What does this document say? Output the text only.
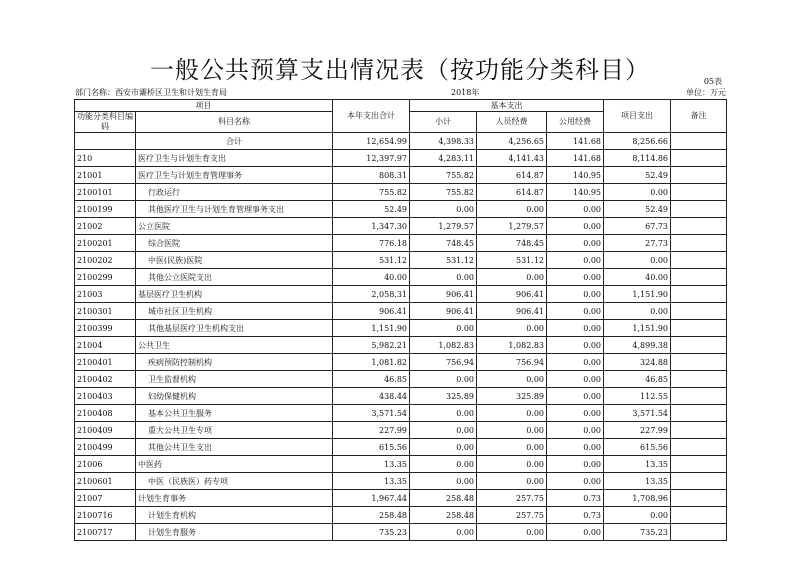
一般公共预算支出情况表（按功能分类科目）	05表
部门名称：西安市灞桥区卫生和计划生育局	2018年	单位：万元
项目		本年支出合计	基本支出			项目支出	备注
功能分类科目编码	科目名称		小计	人员经费	公用经费		

	合计	12,654.99	4,398.33	4,256.65	141.68	8,256.66	
210	医疗卫生与计划生育支出	12,397.97	4,283.11	4,141.43	141.68	8,114.86	
21001	医疗卫生与计划生育管理事务	808.31	755.82	614.87	140.95	52.49	
2100101	行政运行	755.82	755.82	614.87	140.95	0.00	
2100199	其他医疗卫生与计划生育管理事务支出	52.49	0.00	0.00	0.00	52.49	
21002	公立医院	1,347.30	1,279.57	1,279.57	0.00	67.73	
2100201	综合医院	776.18	748.45	748.45	0.00	27.73	
2100202	中医(民族)医院	531.12	531.12	531.12	0.00	0.00	
2100299	其他公立医院支出	40.00	0.00	0.00	0.00	40.00	
21003	基层医疗卫生机构	2,058.31	906.41	906.41	0.00	1,151.90	
2100301	城市社区卫生机构	906.41	906.41	906.41	0.00	0.00	
2100399	其他基层医疗卫生机构支出	1,151.90	0.00	0.00	0.00	1,151.90	
21004	公共卫生	5,982.21	1,082.83	1,082.83	0.00	4,899.38	
2100401	疾病预防控制机构	1,081.82	756.94	756.94	0.00	324.88	
2100402	卫生监督机构	46.85	0.00	0.00	0.00	46.85	
2100403	妇幼保健机构	438.44	325.89	325.89	0.00	112.55	
2100408	基本公共卫生服务	3,571.54	0.00	0.00	0.00	3,571.54	
2100409	重大公共卫生专项	227.99	0.00	0.00	0.00	227.99	
2100499	其他公共卫生支出	615.56	0.00	0.00	0.00	615.56	
21006	中医药	13.35	0.00	0.00	0.00	13.35	
2100601	中医（民族医）药专项	13.35	0.00	0.00	0.00	13.35	
21007	计划生育事务	1,967.44	258.48	257.75	0.73	1,708.96	
2100716	计划生育机构	258.48	258.48	257.75	0.73	0.00	
2100717	计划生育服务	735.23	0.00	0.00	0.00	735.23	
